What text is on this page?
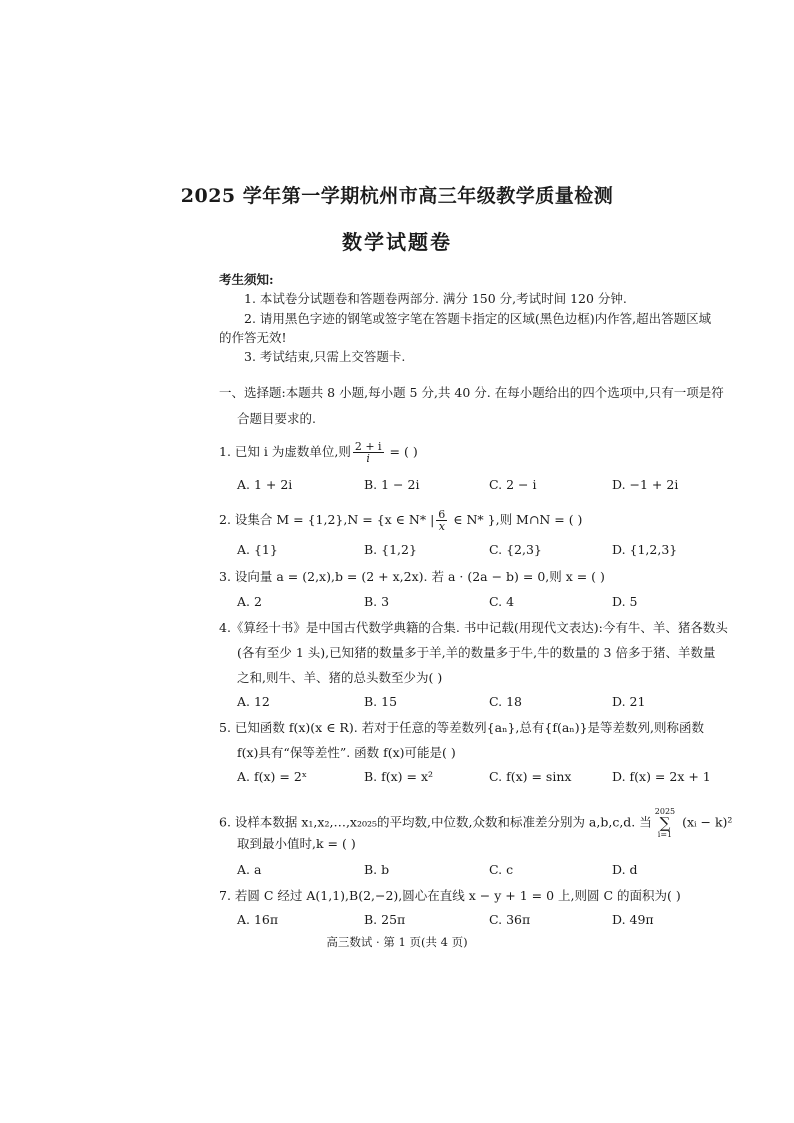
2025 学年第一学期杭州市高三年级教学质量检测
数学试题卷
考生须知:
1. 本试卷分试题卷和答题卷两部分. 满分 150 分,考试时间 120 分钟.
2. 请用黑色字迹的钢笔或签字笔在答题卡指定的区域(黑色边框)内作答,超出答题区域
的作答无效!
3. 考试结束,只需上交答题卡.
一、选择题:本题共 8 小题,每小题 5 分,共 40 分. 在每小题给出的四个选项中,只有一项是符
合题目要求的.
1. 已知 i 为虚数单位,则 $\frac{2 + i}{i}$ = ( )
A. 1 + 2i	B. 1 − 2i	C. 2 − i	D. −1 + 2i
2. 设集合 M = {1,2},N = {x ∈ N* | $\frac{6}{x}$ ∈ N* },则 M∩N = ( )
A. {1}	B. {1,2}	C. {2,3}	D. {1,2,3}
3. 设向量 a = (2,x),b = (2 + x,2x). 若 a · (2a − b) = 0,则 x = ( )
A. 2	B. 3	C. 4	D. 5
4.《算经十书》是中国古代数学典籍的合集. 书中记载(用现代文表达):今有牛、羊、猪各数头
(各有至少 1 头),已知猪的数量多于羊,羊的数量多于牛,牛的数量的 3 倍多于猪、羊数量
之和,则牛、羊、猪的总头数至少为( )
A. 12	B. 15	C. 18	D. 21
5. 已知函数 f(x)(x ∈ R). 若对于任意的等差数列{aₙ},总有{f(aₙ)}是等差数列,则称函数
f(x)具有“保等差性”. 函数 f(x)可能是( )
A. f(x) = 2ˣ	B. f(x) = x²	C. f(x) = sinx	D. f(x) = 2x + 1
6. 设样本数据 x₁,x₂,…,x₂₀₂₅的平均数,中位数,众数和标准差分别为 a,b,c,d. 当2025
∑
i=1 (xᵢ − k)²
取到最小值时,k = ( )
A. a	B. b	C. c	D. d
7. 若圆 C 经过 A(1,1),B(2,−2),圆心在直线 x − y + 1 = 0 上,则圆 C 的面积为( )
A. 16π	B. 25π	C. 36π	D. 49π
高三数试 · 第 1 页(共 4 页)
